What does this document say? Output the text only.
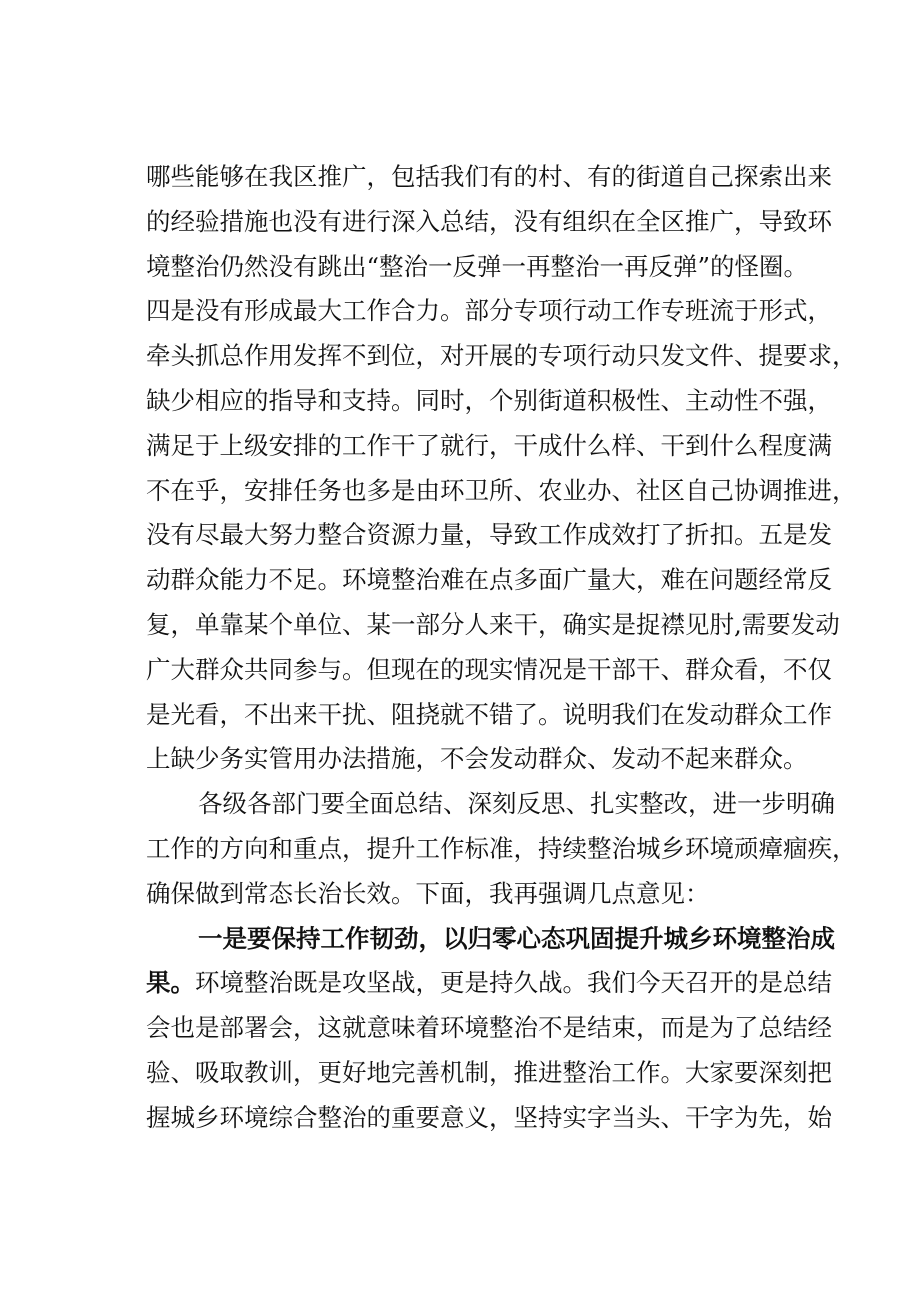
哪些能够在我区推广，包括我们有的村、有的街道自己探索出来
的经验措施也没有进行深入总结，没有组织在全区推广，导致环
境整治仍然没有跳出“整治一反弹一再整治一再反弹”的怪圈。
四是没有形成最大工作合力。部分专项行动工作专班流于形式，
牵头抓总作用发挥不到位，对开展的专项行动只发文件、提要求，
缺少相应的指导和支持。同时，个别街道积极性、主动性不强，
满足于上级安排的工作干了就行，干成什么样、干到什么程度满
不在乎，安排任务也多是由环卫所、农业办、社区自己协调推进，
没有尽最大努力整合资源力量，导致工作成效打了折扣。五是发
动群众能力不足。环境整治难在点多面广量大，难在问题经常反
复，单靠某个单位、某一部分人来干，确实是捉襟见肘,需要发动
广大群众共同参与。但现在的现实情况是干部干、群众看，不仅
是光看，不出来干扰、阻挠就不错了。说明我们在发动群众工作
上缺少务实管用办法措施，不会发动群众、发动不起来群众。
各级各部门要全面总结、深刻反思、扎实整改，进一步明确
工作的方向和重点，提升工作标准，持续整治城乡环境顽瘴痼疾，
确保做到常态长治长效。下面，我再强调几点意见：
一是要保持工作韧劲，以归零心态巩固提升城乡环境整治成
果。环境整治既是攻坚战，更是持久战。我们今天召开的是总结
会也是部署会，这就意味着环境整治不是结束，而是为了总结经
验、吸取教训，更好地完善机制，推进整治工作。大家要深刻把
握城乡环境综合整治的重要意义，坚持实字当头、干字为先，始
